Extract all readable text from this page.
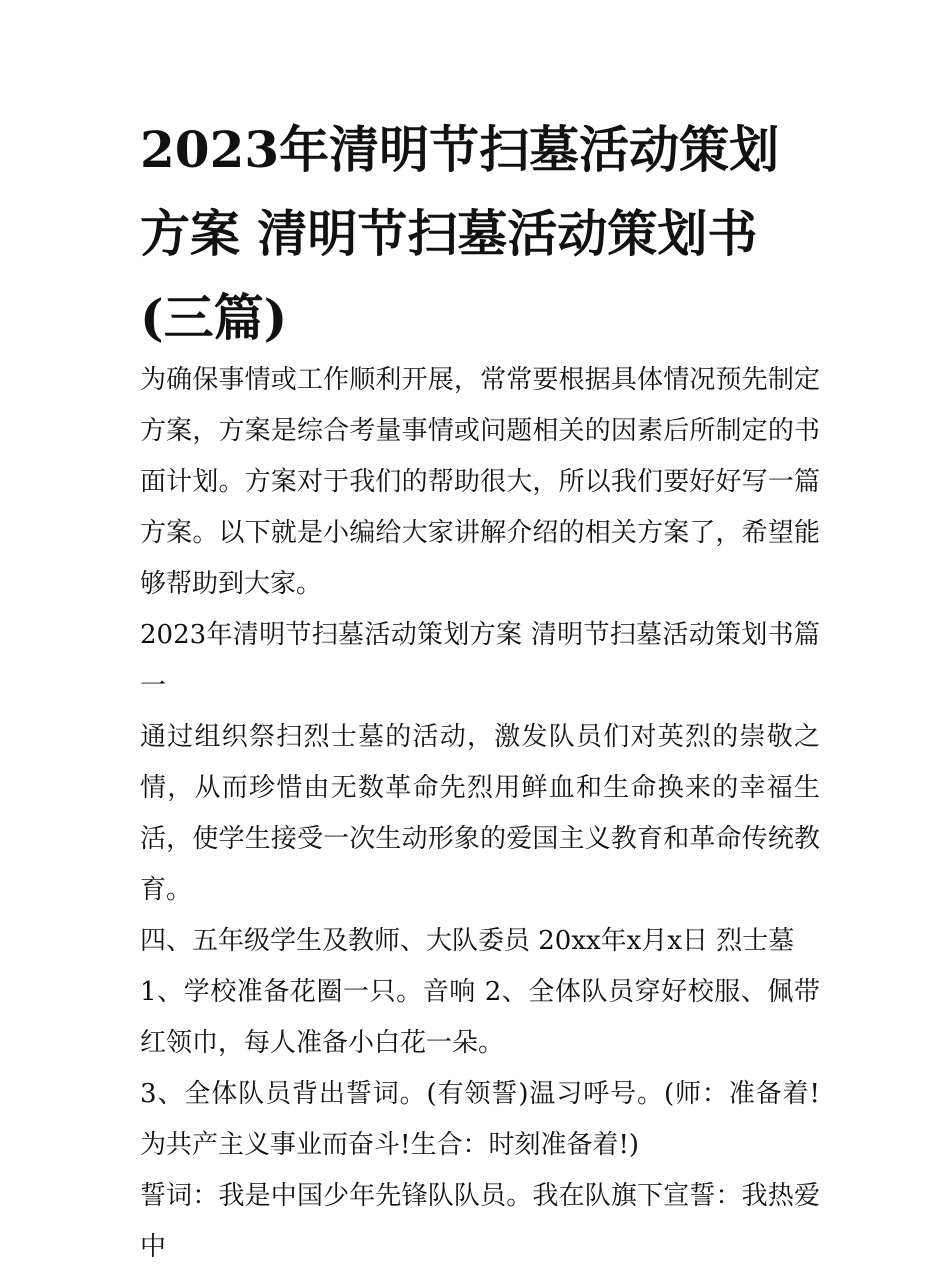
2023年清明节扫墓活动策划方案 清明节扫墓活动策划书(三篇)

为确保事情或工作顺利开展，常常要根据具体情况预先制定方案，方案是综合考量事情或问题相关的因素后所制定的书面计划。方案对于我们的帮助很大，所以我们要好好写一篇方案。以下就是小编给大家讲解介绍的相关方案了，希望能够帮助到大家。

2023年清明节扫墓活动策划方案 清明节扫墓活动策划书篇一

通过组织祭扫烈士墓的活动，激发队员们对英烈的崇敬之情，从而珍惜由无数革命先烈用鲜血和生命换来的幸福生活，使学生接受一次生动形象的爱国主义教育和革命传统教育。

四、五年级学生及教师、大队委员 20xx年x月x日 烈士墓

1、学校准备花圈一只。音响 2、全体队员穿好校服、佩带红领巾，每人准备小白花一朵。

3、全体队员背出誓词。(有领誓)温习呼号。(师：准备着!为共产主义事业而奋斗!生合：时刻准备着!)

誓词：我是中国少年先锋队队员。我在队旗下宣誓：我热爱中
